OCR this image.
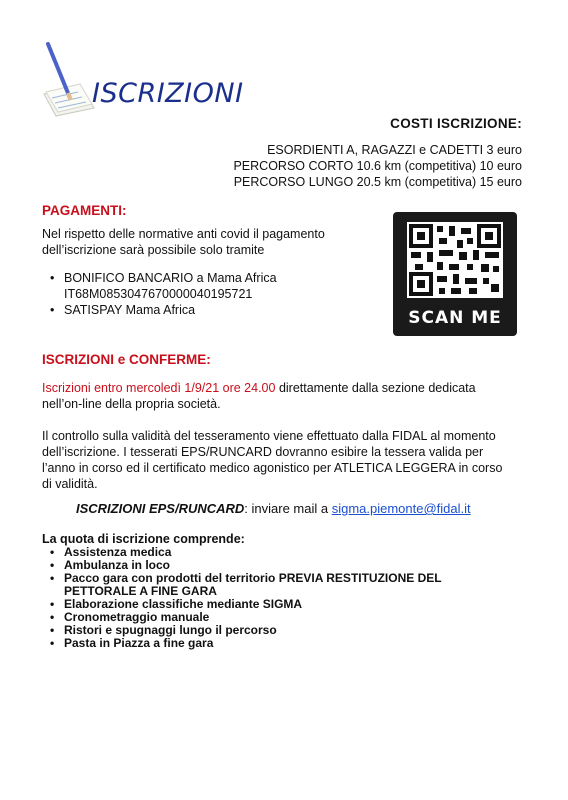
ISCRIZIONI
COSTI ISCRIZIONE:
ESORDIENTI A, RAGAZZI e CADETTI 3 euro
PERCORSO CORTO 10.6 km (competitiva) 10 euro
PERCORSO LUNGO 20.5 km (competitiva) 15 euro
PAGAMENTI:
Nel rispetto delle normative anti covid il pagamento dell’iscrizione sarà possibile solo tramite
• BONIFICO BANCARIO a Mama Africa IT68M0853047670000040195721
• SATISPAY Mama Africa	SCAN ME
ISCRIZIONI e CONFERME:
Iscrizioni entro mercoledì 1/9/21 ore 24.00 direttamente dalla sezione dedicata nell’on-line della propria società.
Il controllo sulla validità del tesseramento viene effettuato dalla FIDAL al momento dell’iscrizione. I tesserati EPS/RUNCARD dovranno esibire la tessera valida per l’anno in corso ed il certificato medico agonistico per ATLETICA LEGGERA in corso di validità.
ISCRIZIONI EPS/RUNCARD: inviare mail a sigma.piemonte@fidal.it
La quota di iscrizione comprende:
• Assistenza medica
• Ambulanza in loco
• Pacco gara con prodotti del territorio PREVIA RESTITUZIONE DEL PETTORALE A FINE GARA
• Elaborazione classifiche mediante SIGMA
• Cronometraggio manuale
• Ristori e spugnaggi lungo il percorso
• Pasta in Piazza a fine gara
